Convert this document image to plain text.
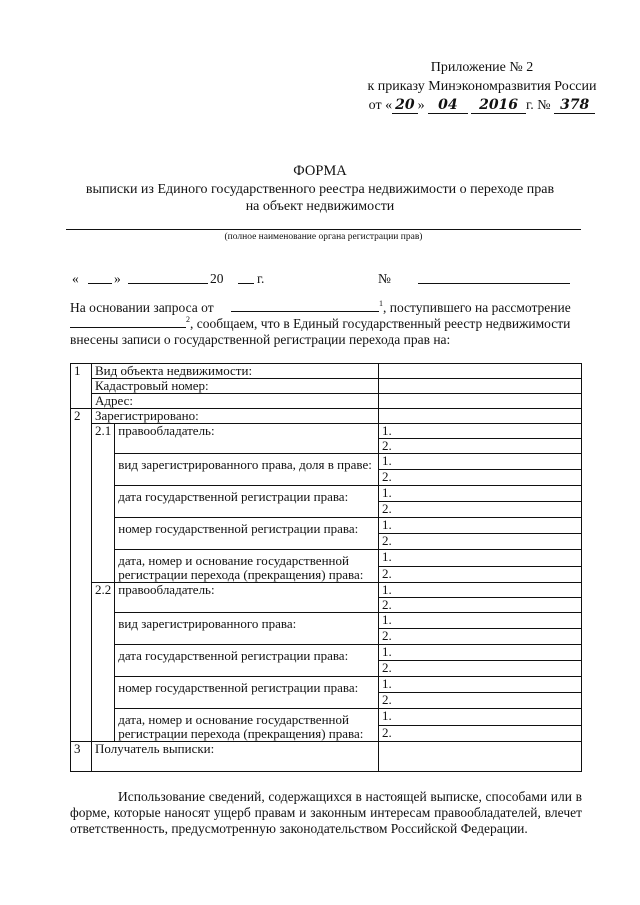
Приложение № 2
к приказу Минэкономразвития России
от « 20 » 04 2016 г. № 378
ФОРМА
выписки из Единого государственного реестра недвижимости о переходе прав
на объект недвижимости
(полное наименование органа регистрации прав)
«	»	20 г.	№
На основании запроса от	$^1$, поступившего на рассмотрение
$^2$, сообщаем, что в Единый государственный реестр недвижимости
внесены записи о государственной регистрации перехода прав на:
1	Вид объекта недвижимости:		
	Кадастровый номер:		
	Адрес:		
2	Зарегистрировано:		
	2.1	правообладатель:	1.
			2.
		вид зарегистрированного права, доля в праве:	1.
			2.
		дата государственной регистрации права:	1.
			2.
		номер государственной регистрации права:	1.
			2.
		дата, номер и основание государственной
регистрации перехода (прекращения) права:	1.
			2.
	2.2	правообладатель:	1.
			2.
		вид зарегистрированного права:	1.
			2.
		дата государственной регистрации права:	1.
			2.
		номер государственной регистрации права:	1.
			2.
		дата, номер и основание государственной
регистрации перехода (прекращения) права:	1.
			2.
3	Получатель выписки:		
Использование сведений, содержащихся в настоящей выписке, способами или в форме, которые наносят ущерб правам и законным интересам правообладателей, влечет ответственность, предусмотренную законодательством Российской Федерации.
